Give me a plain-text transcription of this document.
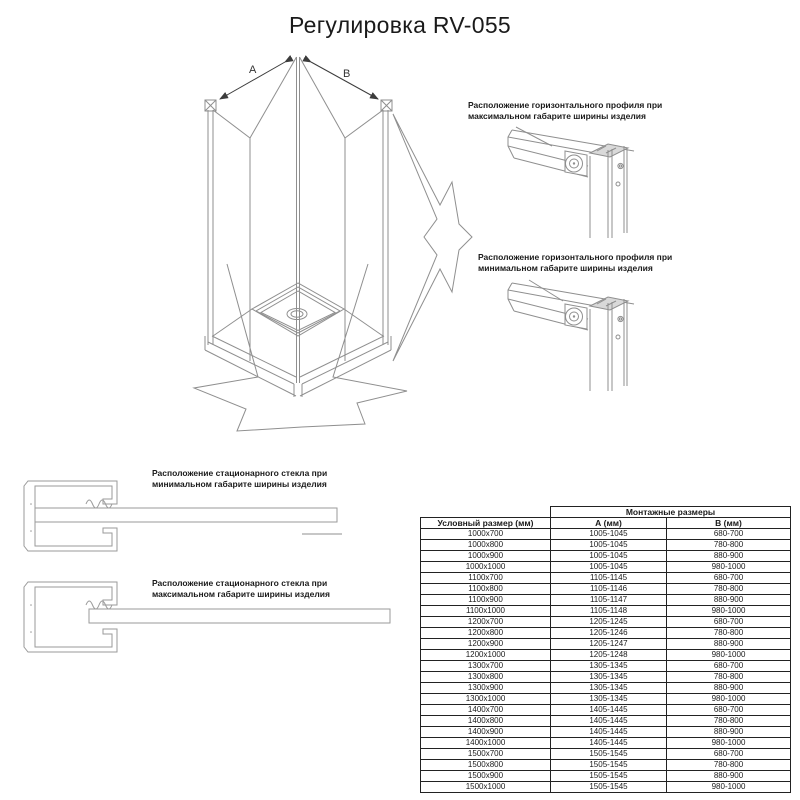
Регулировка RV-055
A	B
Расположение горизонтального профиля при
максимальном габарите ширины изделия
Расположение горизонтального профиля при
минимальном габарите ширины изделия
Расположение стационарного стекла при
минимальном габарите ширины изделия
Расположение стационарного стекла при
максимальном габарите ширины изделия
	Монтажные размеры	
Условный размер (мм)	А (мм)	В (мм)
1000x700	1005-1045	680-700
1000x800	1005-1045	780-800
1000x900	1005-1045	880-900
1000x1000	1005-1045	980-1000
1100x700	1105-1145	680-700
1100x800	1105-1146	780-800
1100x900	1105-1147	880-900
1100x1000	1105-1148	980-1000
1200x700	1205-1245	680-700
1200x800	1205-1246	780-800
1200x900	1205-1247	880-900
1200x1000	1205-1248	980-1000
1300x700	1305-1345	680-700
1300x800	1305-1345	780-800
1300x900	1305-1345	880-900
1300x1000	1305-1345	980-1000
1400x700	1405-1445	680-700
1400x800	1405-1445	780-800
1400x900	1405-1445	880-900
1400x1000	1405-1445	980-1000
1500x700	1505-1545	680-700
1500x800	1505-1545	780-800
1500x900	1505-1545	880-900
1500x1000	1505-1545	980-1000
